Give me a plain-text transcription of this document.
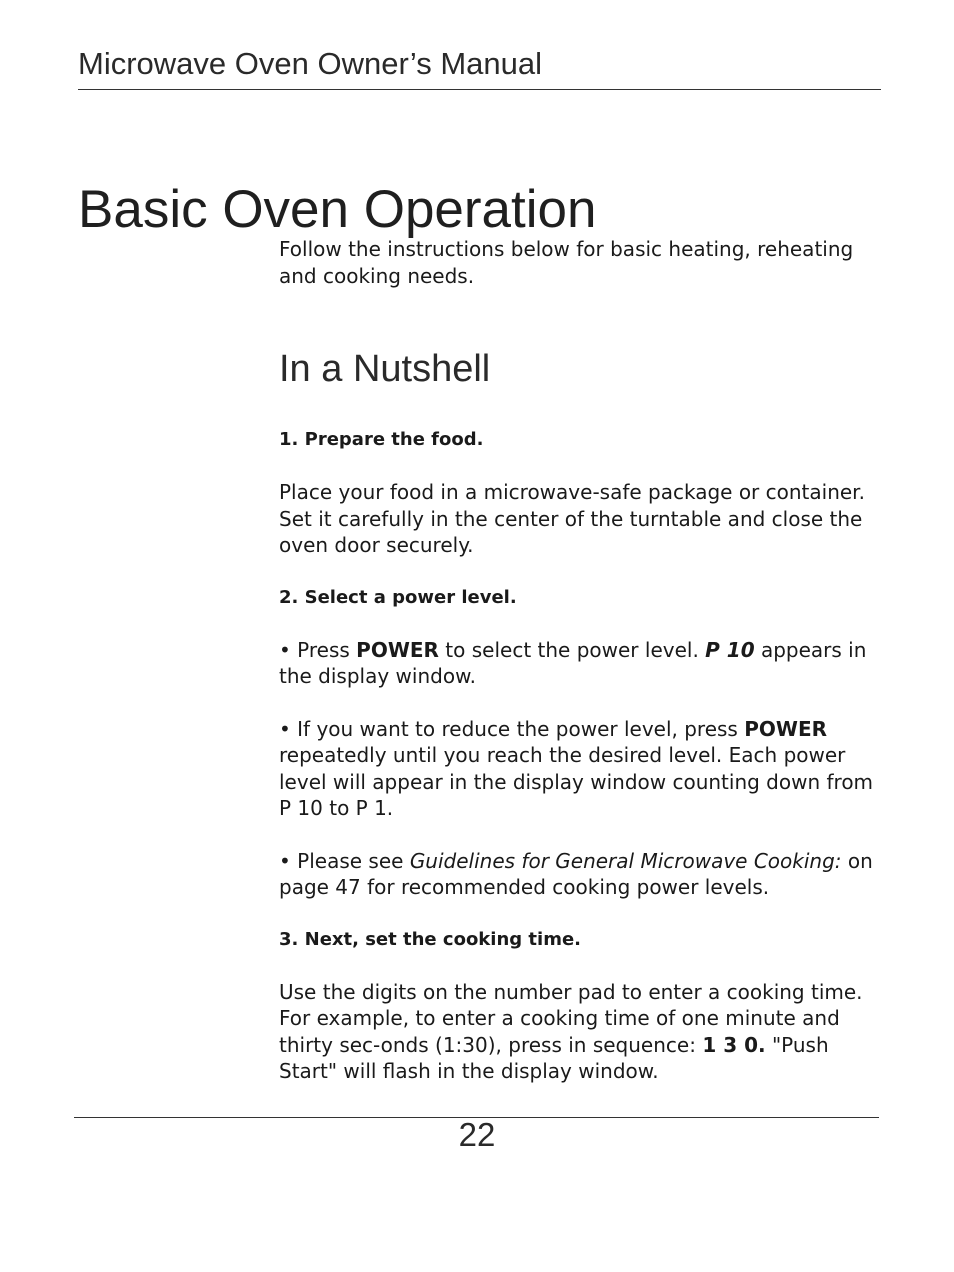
Microwave Oven Owner’s Manual
Basic Oven Operation

Follow the instructions below for basic heating, reheating and cooking needs.

In a Nutshell

1. Prepare the food.

Place your food in a microwave-safe package or container. Set it carefully in the center of the turntable and close the oven door securely.

2. Select a power level.

• Press POWER to select the power level. P 10 appears in the display window.

• If you want to reduce the power level, press POWER repeatedly until you reach the desired level. Each power level will appear in the display window counting down from P 10 to P 1.

• Please see Guidelines for General Microwave Cooking: on page 47 for recommended cooking power levels.

3. Next, set the cooking time.

Use the digits on the number pad to enter a cooking time. For example, to enter a cooking time of one minute and thirty sec-onds (1:30), press in sequence: 1 3 0. "Push Start" will flash in the display window.

22
